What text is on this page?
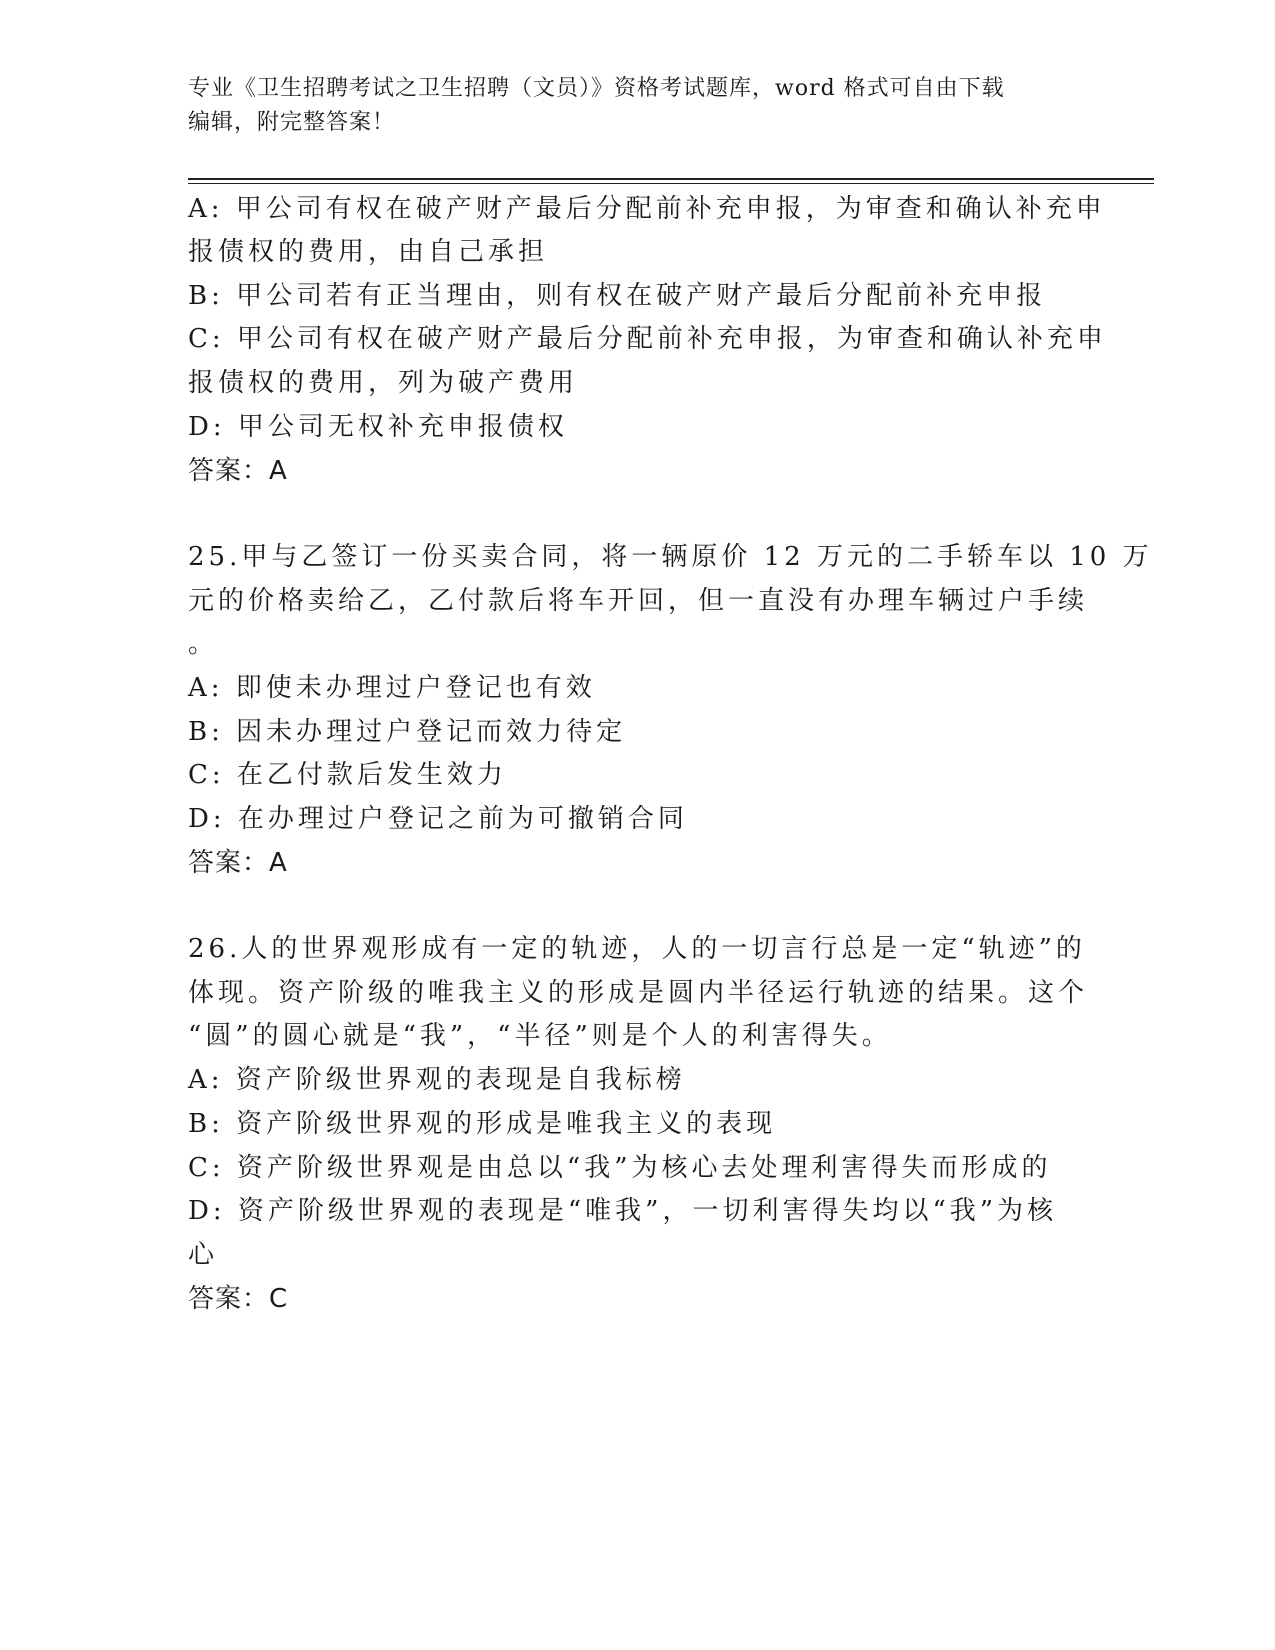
专业《卫生招聘考试之卫生招聘（文员）》资格考试题库，word 格式可自由下载
编辑，附完整答案！
A: 甲公司有权在破产财产最后分配前补充申报，为审查和确认补充申
报债权的费用，由自己承担
B: 甲公司若有正当理由，则有权在破产财产最后分配前补充申报
C: 甲公司有权在破产财产最后分配前补充申报，为审查和确认补充申
报债权的费用，列为破产费用
D: 甲公司无权补充申报债权
答案：A
25.甲与乙签订一份买卖合同，将一辆原价 12 万元的二手轿车以 10 万
元的价格卖给乙，乙付款后将车开回，但一直没有办理车辆过户手续
。
A: 即使未办理过户登记也有效
B: 因未办理过户登记而效力待定
C: 在乙付款后发生效力
D: 在办理过户登记之前为可撤销合同
答案：A
26.人的世界观形成有一定的轨迹，人的一切言行总是一定“轨迹”的
体现。资产阶级的唯我主义的形成是圆内半径运行轨迹的结果。这个
“圆”的圆心就是“我”，“半径”则是个人的利害得失。
A: 资产阶级世界观的表现是自我标榜
B: 资产阶级世界观的形成是唯我主义的表现
C: 资产阶级世界观是由总以“我”为核心去处理利害得失而形成的
D: 资产阶级世界观的表现是“唯我”，一切利害得失均以“我”为核
心
答案：C
